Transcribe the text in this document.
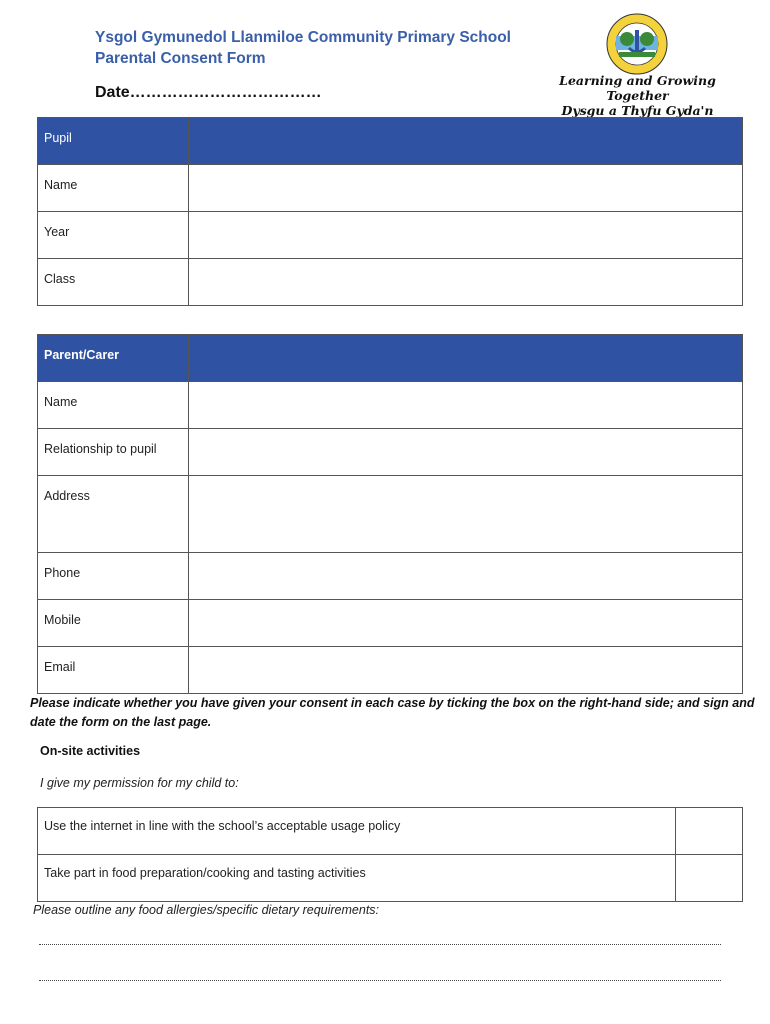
Ysgol Gymunedol Llanmiloe Community Primary School
Parental Consent Form
Date………………………………
Learning and Growing Together
Dysgu a Thyfu Gyda'n
Pupil	
Name	
Year	
Class	
Parent/Carer	
Name	
Relationship to pupil	
Address	
Phone	
Mobile	
Email	
Please indicate whether you have given your consent in each case by ticking the box on the right-hand side; and sign and date the form on the last page.
On-site activities
I give my permission for my child to:
Use the internet in line with the school’s acceptable usage policy	
Take part in food preparation/cooking and tasting activities	
Please outline any food allergies/specific dietary requirements:
